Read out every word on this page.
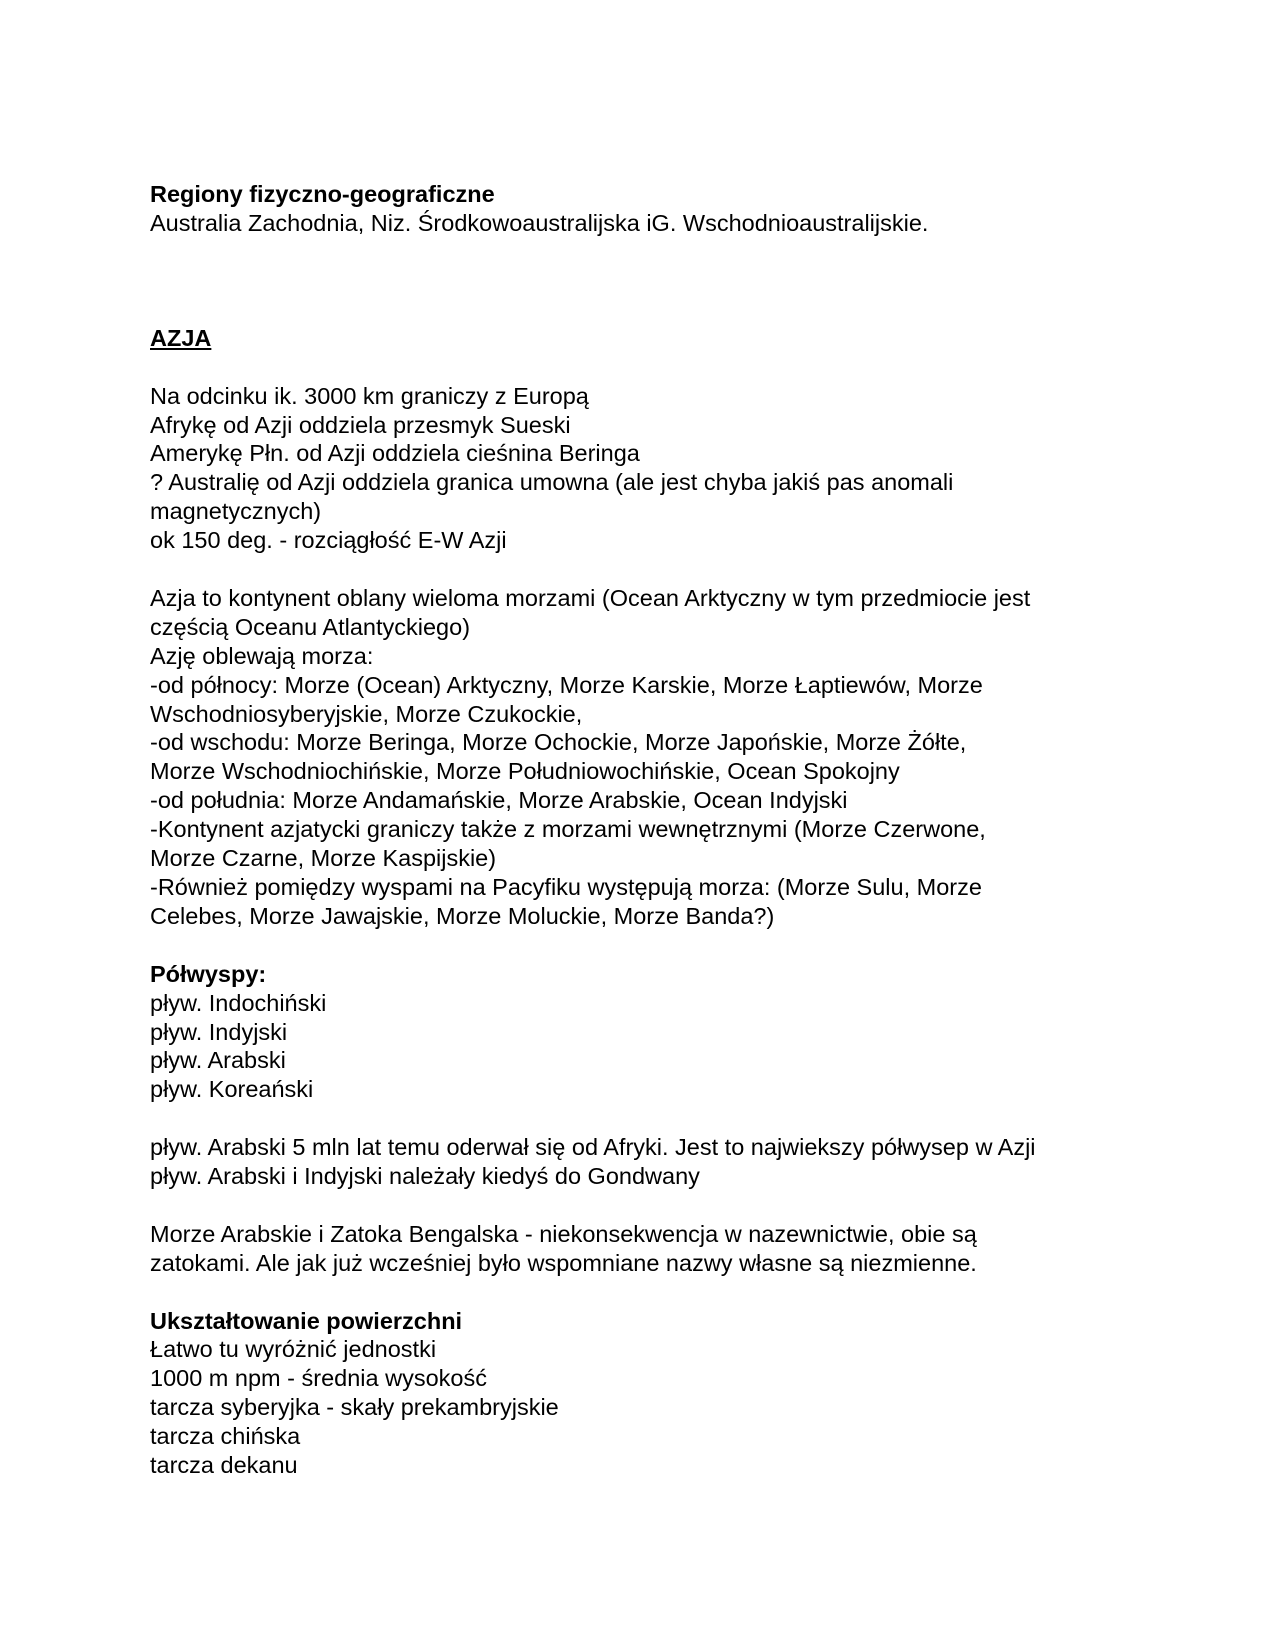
Regiony fizyczno-geograficzne
Australia Zachodnia, Niz. Środkowoaustralijska iG. Wschodnioaustralijskie.
AZJA
Na odcinku ik. 3000 km graniczy z Europą
Afrykę od Azji oddziela przesmyk Sueski
Amerykę Płn. od Azji oddziela cieśnina Beringa
? Australię od Azji oddziela granica umowna (ale jest chyba jakiś pas anomali
magnetycznych)
ok 150 deg. - rozciągłość E-W Azji
Azja to kontynent oblany wieloma morzami (Ocean Arktyczny w tym przedmiocie jest
częścią Oceanu Atlantyckiego)
Azję oblewają morza:
-od północy: Morze (Ocean) Arktyczny, Morze Karskie, Morze Łaptiewów, Morze
Wschodniosyberyjskie, Morze Czukockie,
-od wschodu: Morze Beringa, Morze Ochockie, Morze Japońskie, Morze Żółte,
Morze Wschodniochińskie, Morze Południowochińskie, Ocean Spokojny
-od południa: Morze Andamańskie, Morze Arabskie, Ocean Indyjski
-Kontynent azjatycki graniczy także z morzami wewnętrznymi (Morze Czerwone,
Morze Czarne, Morze Kaspijskie)
-Również pomiędzy wyspami na Pacyfiku występują morza: (Morze Sulu, Morze
Celebes, Morze Jawajskie, Morze Moluckie, Morze Banda?)
Półwyspy:
pływ. Indochiński
pływ. Indyjski
pływ. Arabski
pływ. Koreański
pływ. Arabski 5 mln lat temu oderwał się od Afryki. Jest to najwiekszy półwysep w Azji
pływ. Arabski i Indyjski należały kiedyś do Gondwany
Morze Arabskie i Zatoka Bengalska - niekonsekwencja w nazewnictwie, obie są
zatokami. Ale jak już wcześniej było wspomniane nazwy własne są niezmienne.
Ukształtowanie powierzchni
Łatwo tu wyróżnić jednostki
1000 m npm - średnia wysokość
tarcza syberyjka - skały prekambryjskie
tarcza chińska
tarcza dekanu
